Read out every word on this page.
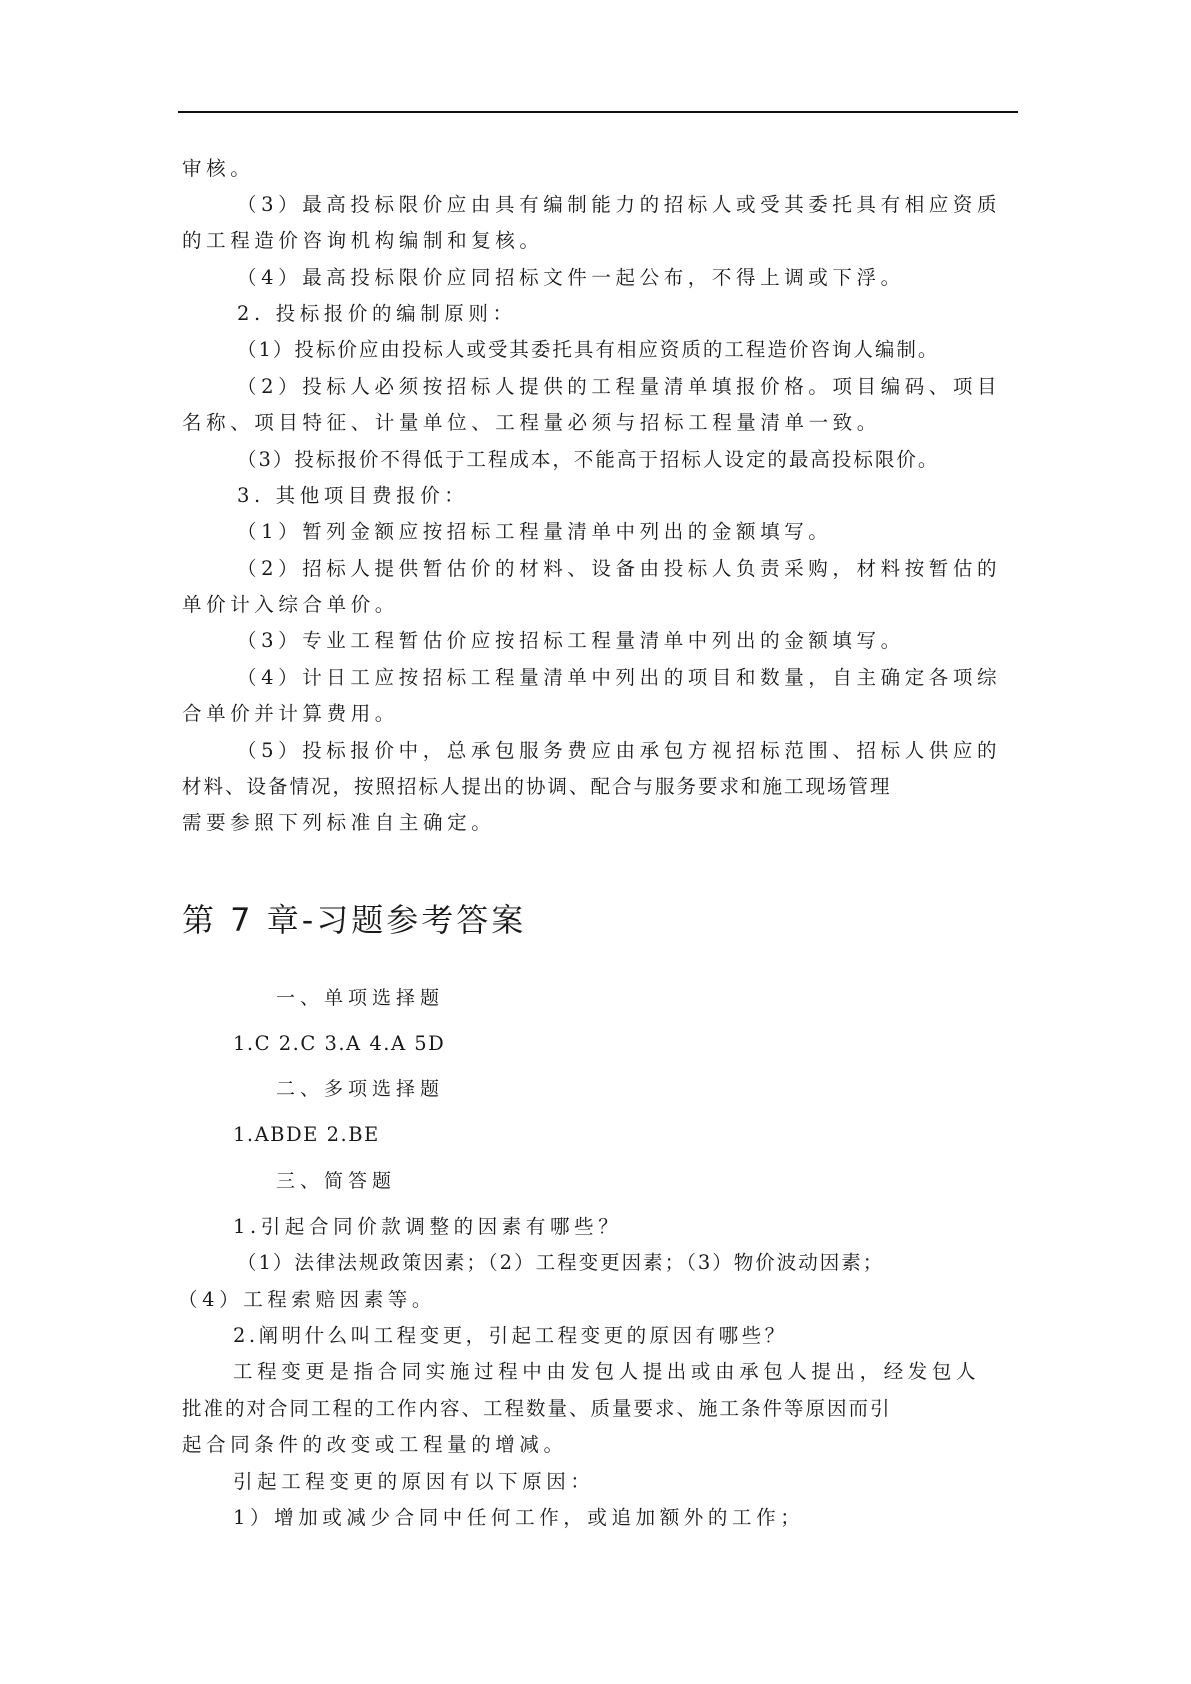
审核。
（3）最高投标限价应由具有编制能力的招标人或受其委托具有相应资质
的工程造价咨询机构编制和复核。
（4）最高投标限价应同招标文件一起公布，不得上调或下浮。
2. 投标报价的编制原则：
（1）投标价应由投标人或受其委托具有相应资质的工程造价咨询人编制。
（2）投标人必须按招标人提供的工程量清单填报价格。项目编码、项目
名称、项目特征、计量单位、工程量必须与招标工程量清单一致。
（3）投标报价不得低于工程成本，不能高于招标人设定的最高投标限价。
3. 其他项目费报价：
（1）暂列金额应按招标工程量清单中列出的金额填写。
（2）招标人提供暂估价的材料、设备由投标人负责采购，材料按暂估的
单价计入综合单价。
（3）专业工程暂估价应按招标工程量清单中列出的金额填写。
（4）计日工应按招标工程量清单中列出的项目和数量，自主确定各项综
合单价并计算费用。
（5）投标报价中，总承包服务费应由承包方视招标范围、招标人供应的
材料、设备情况，按照招标人提出的协调、配合与服务要求和施工现场管理
需要参照下列标准自主确定。
第 7 章-习题参考答案
一、单项选择题
1.C 2.C 3.A 4.A 5D
二、多项选择题
1.ABDE 2.BE
三、简答题
1.引起合同价款调整的因素有哪些？
（1）法律法规政策因素；（2）工程变更因素；（3）物价波动因素；
（4）工程索赔因素等。
2.阐明什么叫工程变更，引起工程变更的原因有哪些？
工程变更是指合同实施过程中由发包人提出或由承包人提出，经发包人
批准的对合同工程的工作内容、工程数量、质量要求、施工条件等原因而引
起合同条件的改变或工程量的增减。
引起工程变更的原因有以下原因：
1）增加或减少合同中任何工作，或追加额外的工作；
